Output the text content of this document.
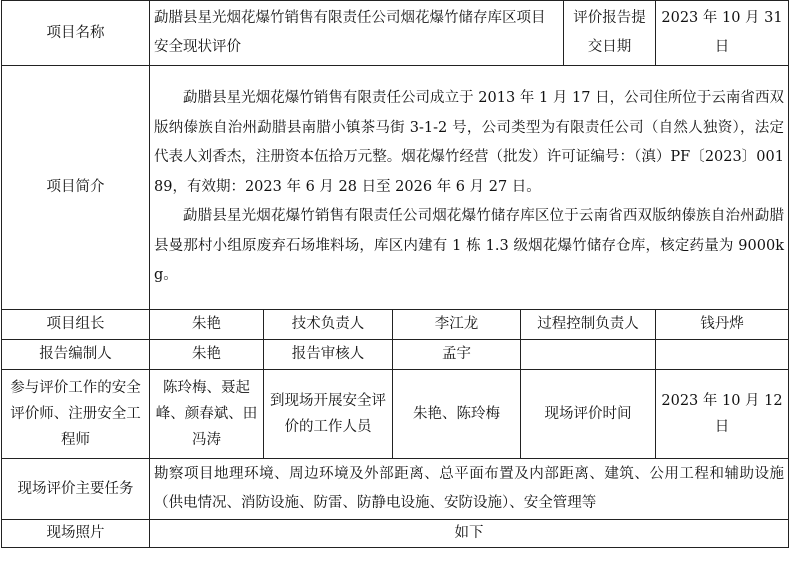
项目名称	勐腊县星光烟花爆竹销售有限责任公司烟花爆竹储存库区项目安全现状评价				评价报告提交日期	2023 年 10 月 31 日
项目简介	勐腊县星光烟花爆竹销售有限责任公司成立于 2013 年 1 月 17 日，公司住所位于云南省西双版纳傣族自治州勐腊县南腊小镇茶马街 3-1-2 号，公司类型为有限责任公司（自然人独资），法定代表人刘香杰，注册资本伍拾万元整。烟花爆竹经营（批发）许可证编号：（滇）PF〔2023〕00189，有效期：2023 年 6 月 28 日至 2026 年 6 月 27 日。

勐腊县星光烟花爆竹销售有限责任公司烟花爆竹储存库区位于云南省西双版纳傣族自治州勐腊县曼那村小组原废弃石场堆料场，库区内建有 1 栋 1.3 级烟花爆竹储存仓库，核定药量为 9000kg。					

项目组长	朱艳	技术负责人	李江龙	过程控制负责人		钱丹烨
报告编制人	朱艳	报告审核人	孟宇			
参与评价工作的安全评价师、注册安全工程师	陈玲梅、聂起峰、颜春斌、田冯涛	到现场开展安全评价的工作人员	朱艳、陈玲梅	现场评价时间		2023 年 10 月 12 日
现场评价主要任务	勘察项目地理环境、周边环境及外部距离、总平面布置及内部距离、建筑、公用工程和辅助设施（供电情况、消防设施、防雷、防静电设施、安防设施）、安全管理等					
现场照片	如下					
